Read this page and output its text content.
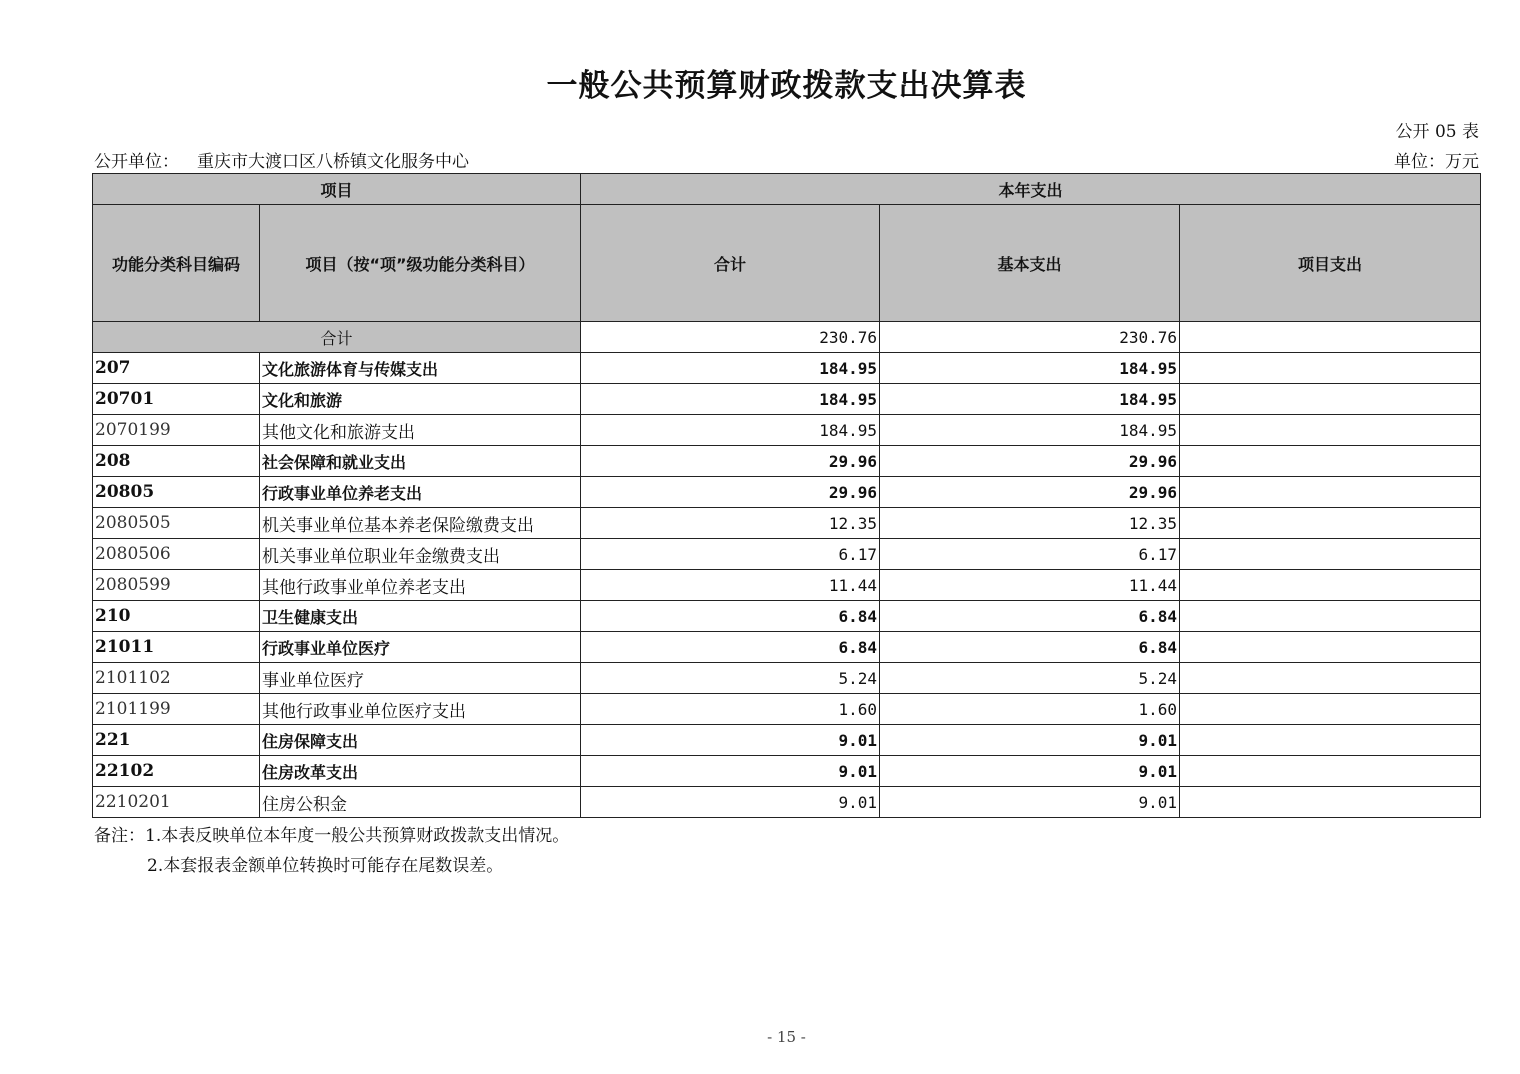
一般公共预算财政拨款支出决算表
公开 05 表
公开单位： 重庆市大渡口区八桥镇文化服务中心	单位：万元
项目		本年支出		
功能分类科目编码	项目（按“项”级功能分类科目）	合计	基本支出	项目支出
合计		230.76	230.76	
207	文化旅游体育与传媒支出	184.95	184.95	
20701	文化和旅游	184.95	184.95	
2070199	其他文化和旅游支出	184.95	184.95	
208	社会保障和就业支出	29.96	29.96	
20805	行政事业单位养老支出	29.96	29.96	
2080505	机关事业单位基本养老保险缴费支出	12.35	12.35	
2080506	机关事业单位职业年金缴费支出	6.17	6.17	
2080599	其他行政事业单位养老支出	11.44	11.44	
210	卫生健康支出	6.84	6.84	
21011	行政事业单位医疗	6.84	6.84	
2101102	事业单位医疗	5.24	5.24	
2101199	其他行政事业单位医疗支出	1.60	1.60	
221	住房保障支出	9.01	9.01	
22102	住房改革支出	9.01	9.01	
2210201	住房公积金	9.01	9.01	
备注：1.本表反映单位本年度一般公共预算财政拨款支出情况。
2.本套报表金额单位转换时可能存在尾数误差。
- 15 -
